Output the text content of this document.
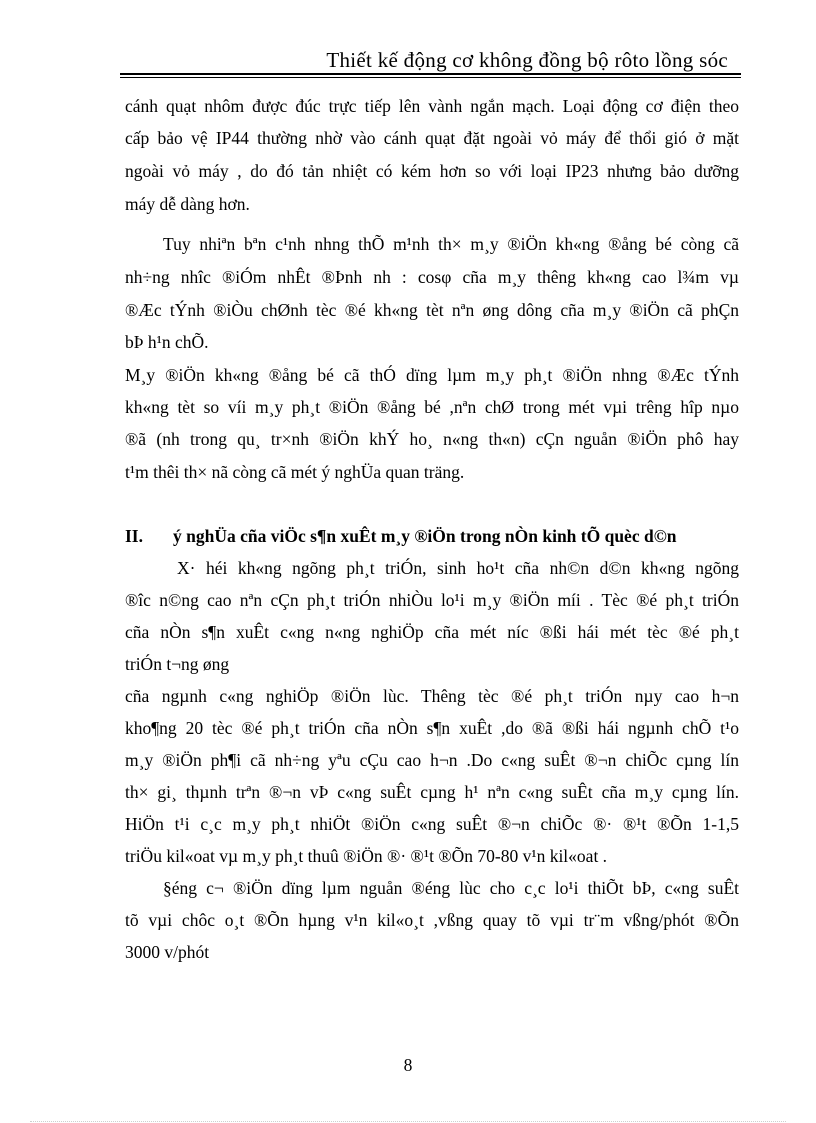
Thiết kế động cơ không đồng bộ rôto lồng sóc
cánh quạt nhôm được đúc trực tiếp lên vành ngắn mạch. Loại động cơ điện theo
cấp bảo vệ IP44 thường nhờ vào cánh quạt đặt ngoài vỏ máy để thổi gió ở mặt
ngoài vỏ máy , do đó tản nhiệt có kém hơn so với loại IP23 nhưng bảo dưỡng
máy dễ dàng hơn.
Tuy nhiªn bªn c¹nh nhng thÕ m¹nh th× m¸y ®iÖn kh«ng ®ång bé còng cã
nh÷ng nhîc ®iÓm nhÊt ®Þnh nh : cosφ cña m¸y thêng kh«ng cao l¾m vµ
®Æc tÝnh ®iÒu chØnh tèc ®é kh«ng tèt nªn øng dông cña m¸y ®iÖn cã phÇn
bÞ h¹n chÕ.
M¸y ®iÖn kh«ng ®ång bé cã thÓ dïng lµm m¸y ph¸t ®iÖn nhng ®Æc tÝnh
kh«ng tèt so víi m¸y ph¸t ®iÖn ®ång bé ,nªn chØ trong mét vµi trêng hîp nµo
®ã (nh trong qu¸ tr×nh ®iÖn khÝ ho¸ n«ng th«n) cÇn nguån ®iÖn phô hay
t¹m thêi th× nã còng cã mét ý nghÜa quan träng.
II. ý nghÜa cña viÖc s¶n xuÊt m¸y ®iÖn trong nÒn kinh tÕ quèc d©n
X· héi kh«ng ngõng ph¸t triÓn, sinh ho¹t cña nh©n d©n kh«ng ngõng
®îc n©ng cao nªn cÇn ph¸t triÓn nhiÒu lo¹i m¸y ®iÖn míi . Tèc ®é ph¸t triÓn
cña nÒn s¶n xuÊt c«ng n«ng nghiÖp cña mét níc ®ßi hái mét tèc ®é ph¸t
triÓn t¬ng øng
cña ngµnh c«ng nghiÖp ®iÖn lùc. Thêng tèc ®é ph¸t triÓn nµy cao h¬n
kho¶ng 20 tèc ®é ph¸t triÓn cña nÒn s¶n xuÊt ,do ®ã ®ßi hái ngµnh chÕ t¹o
m¸y ®iÖn ph¶i cã nh÷ng yªu cÇu cao h¬n .Do c«ng suÊt ®¬n chiÕc cµng lín
th× gi¸ thµnh trªn ®¬n vÞ c«ng suÊt cµng h¹ nªn c«ng suÊt cña m¸y cµng lín.
HiÖn t¹i c¸c m¸y ph¸t nhiÖt ®iÖn c«ng suÊt ®¬n chiÕc ®· ®¹t ®Õn 1-1,5
triÖu kil«oat vµ m¸y ph¸t thuû ®iÖn ®· ®¹t ®Õn 70-80 v¹n kil«oat .
§éng c¬ ®iÖn dïng lµm nguån ®éng lùc cho c¸c lo¹i thiÕt bÞ, c«ng suÊt
tõ vµi chôc o¸t ®Õn hµng v¹n kil«o¸t ,vßng quay tõ vµi tr¨m vßng/phót ®Õn
3000 v/phót
8
